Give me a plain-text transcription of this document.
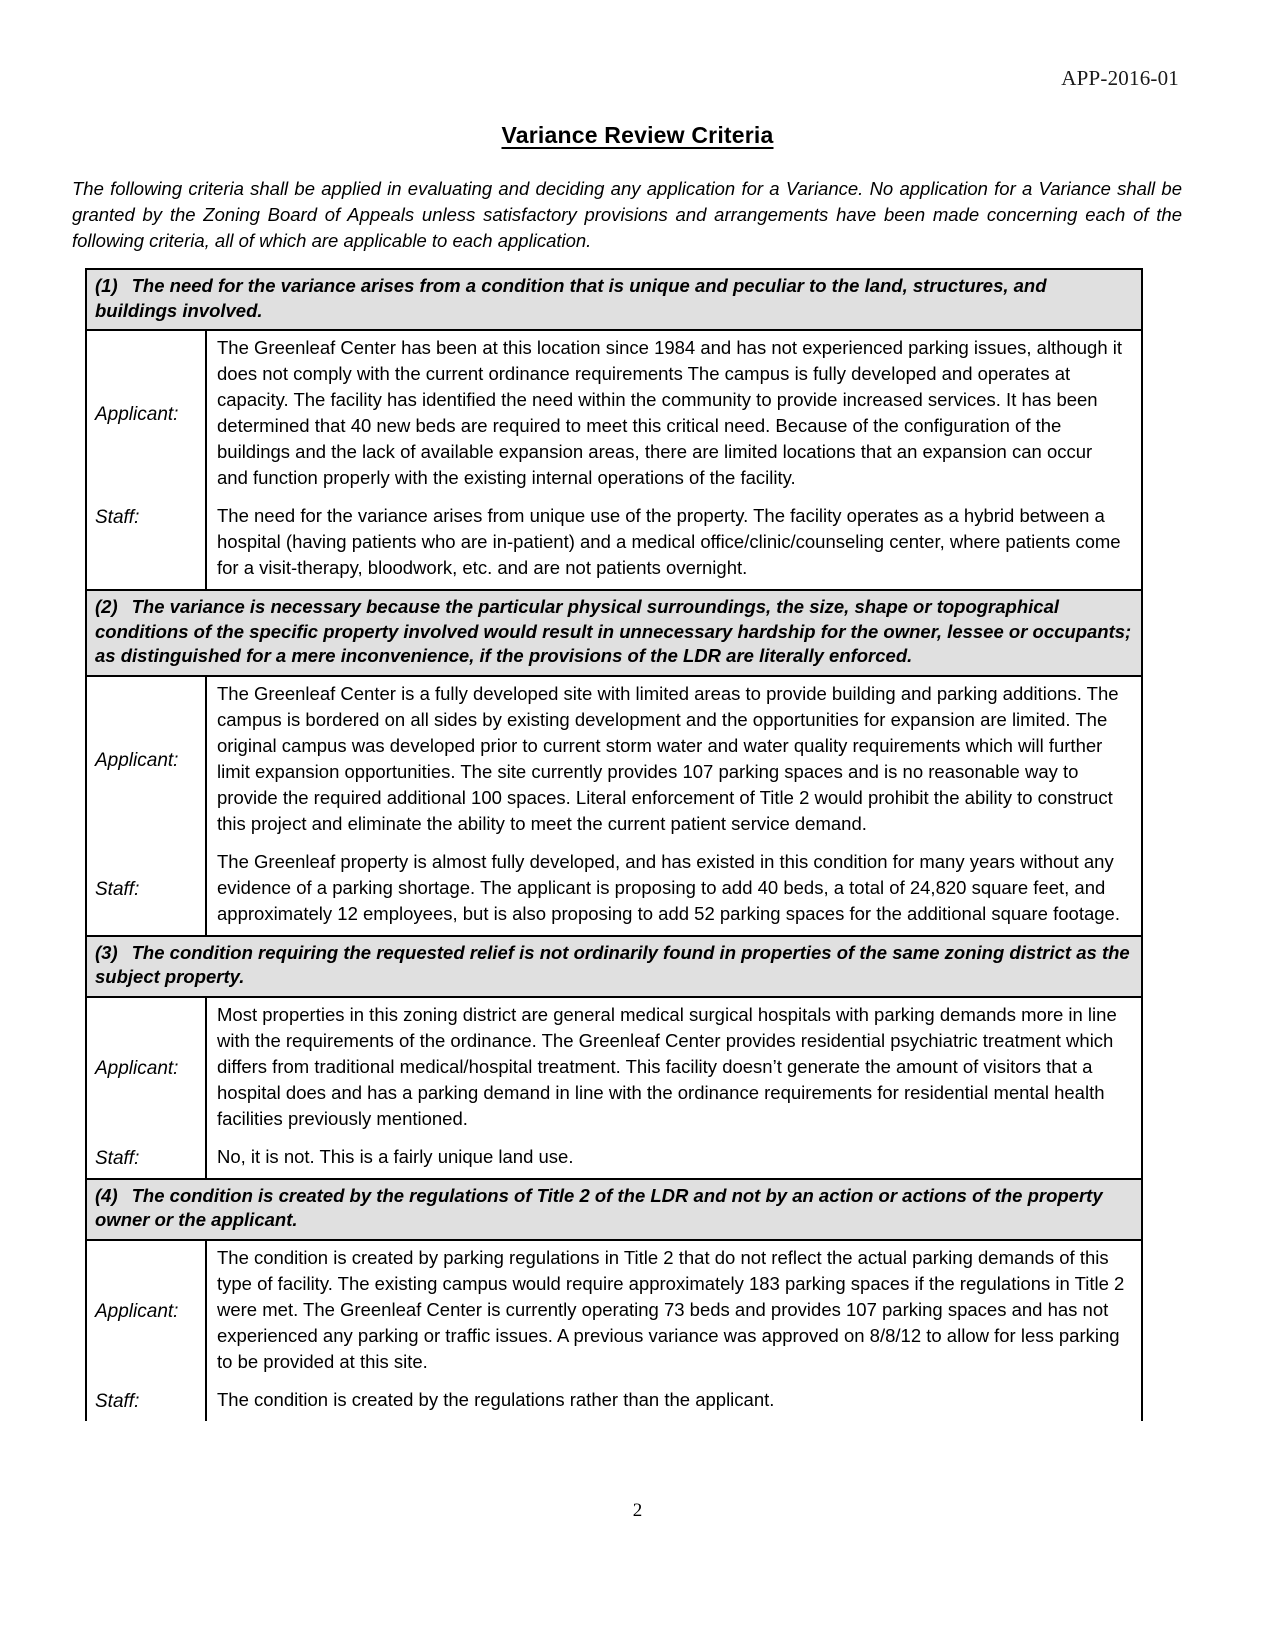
APP-2016-01
Variance Review Criteria
The following criteria shall be applied in evaluating and deciding any application for a Variance. No application for a Variance shall be granted by the Zoning Board of Appeals unless satisfactory provisions and arrangements have been made concerning each of the following criteria, all of which are applicable to each application.
(1) The need for the variance arises from a condition that is unique and peculiar to the land, structures, and buildings involved.	
Applicant:	The Greenleaf Center has been at this location since 1984 and has not experienced parking issues, although it does not comply with the current ordinance requirements The campus is fully developed and operates at capacity. The facility has identified the need within the community to provide increased services. It has been determined that 40 new beds are required to meet this critical need. Because of the configuration of the buildings and the lack of available expansion areas, there are limited locations that an expansion can occur and function properly with the existing internal operations of the facility.
Staff:	The need for the variance arises from unique use of the property. The facility operates as a hybrid between a hospital (having patients who are in-patient) and a medical office/clinic/counseling center, where patients come for a visit-therapy, bloodwork, etc. and are not patients overnight.
(2) The variance is necessary because the particular physical surroundings, the size, shape or topographical conditions of the specific property involved would result in unnecessary hardship for the owner, lessee or occupants; as distinguished for a mere inconvenience, if the provisions of the LDR are literally enforced.	
Applicant:	The Greenleaf Center is a fully developed site with limited areas to provide building and parking additions. The campus is bordered on all sides by existing development and the opportunities for expansion are limited. The original campus was developed prior to current storm water and water quality requirements which will further limit expansion opportunities. The site currently provides 107 parking spaces and is no reasonable way to provide the required additional 100 spaces. Literal enforcement of Title 2 would prohibit the ability to construct this project and eliminate the ability to meet the current patient service demand.
Staff:	The Greenleaf property is almost fully developed, and has existed in this condition for many years without any evidence of a parking shortage. The applicant is proposing to add 40 beds, a total of 24,820 square feet, and approximately 12 employees, but is also proposing to add 52 parking spaces for the additional square footage.
(3) The condition requiring the requested relief is not ordinarily found in properties of the same zoning district as the subject property.	
Applicant:	Most properties in this zoning district are general medical surgical hospitals with parking demands more in line with the requirements of the ordinance. The Greenleaf Center provides residential psychiatric treatment which differs from traditional medical/hospital treatment. This facility doesn’t generate the amount of visitors that a hospital does and has a parking demand in line with the ordinance requirements for residential mental health facilities previously mentioned.
Staff:	No, it is not. This is a fairly unique land use.
(4) The condition is created by the regulations of Title 2 of the LDR and not by an action or actions of the property owner or the applicant.	
Applicant:	The condition is created by parking regulations in Title 2 that do not reflect the actual parking demands of this type of facility. The existing campus would require approximately 183 parking spaces if the regulations in Title 2 were met. The Greenleaf Center is currently operating 73 beds and provides 107 parking spaces and has not experienced any parking or traffic issues. A previous variance was approved on 8/8/12 to allow for less parking to be provided at this site.
Staff:	The condition is created by the regulations rather than the applicant.
2
